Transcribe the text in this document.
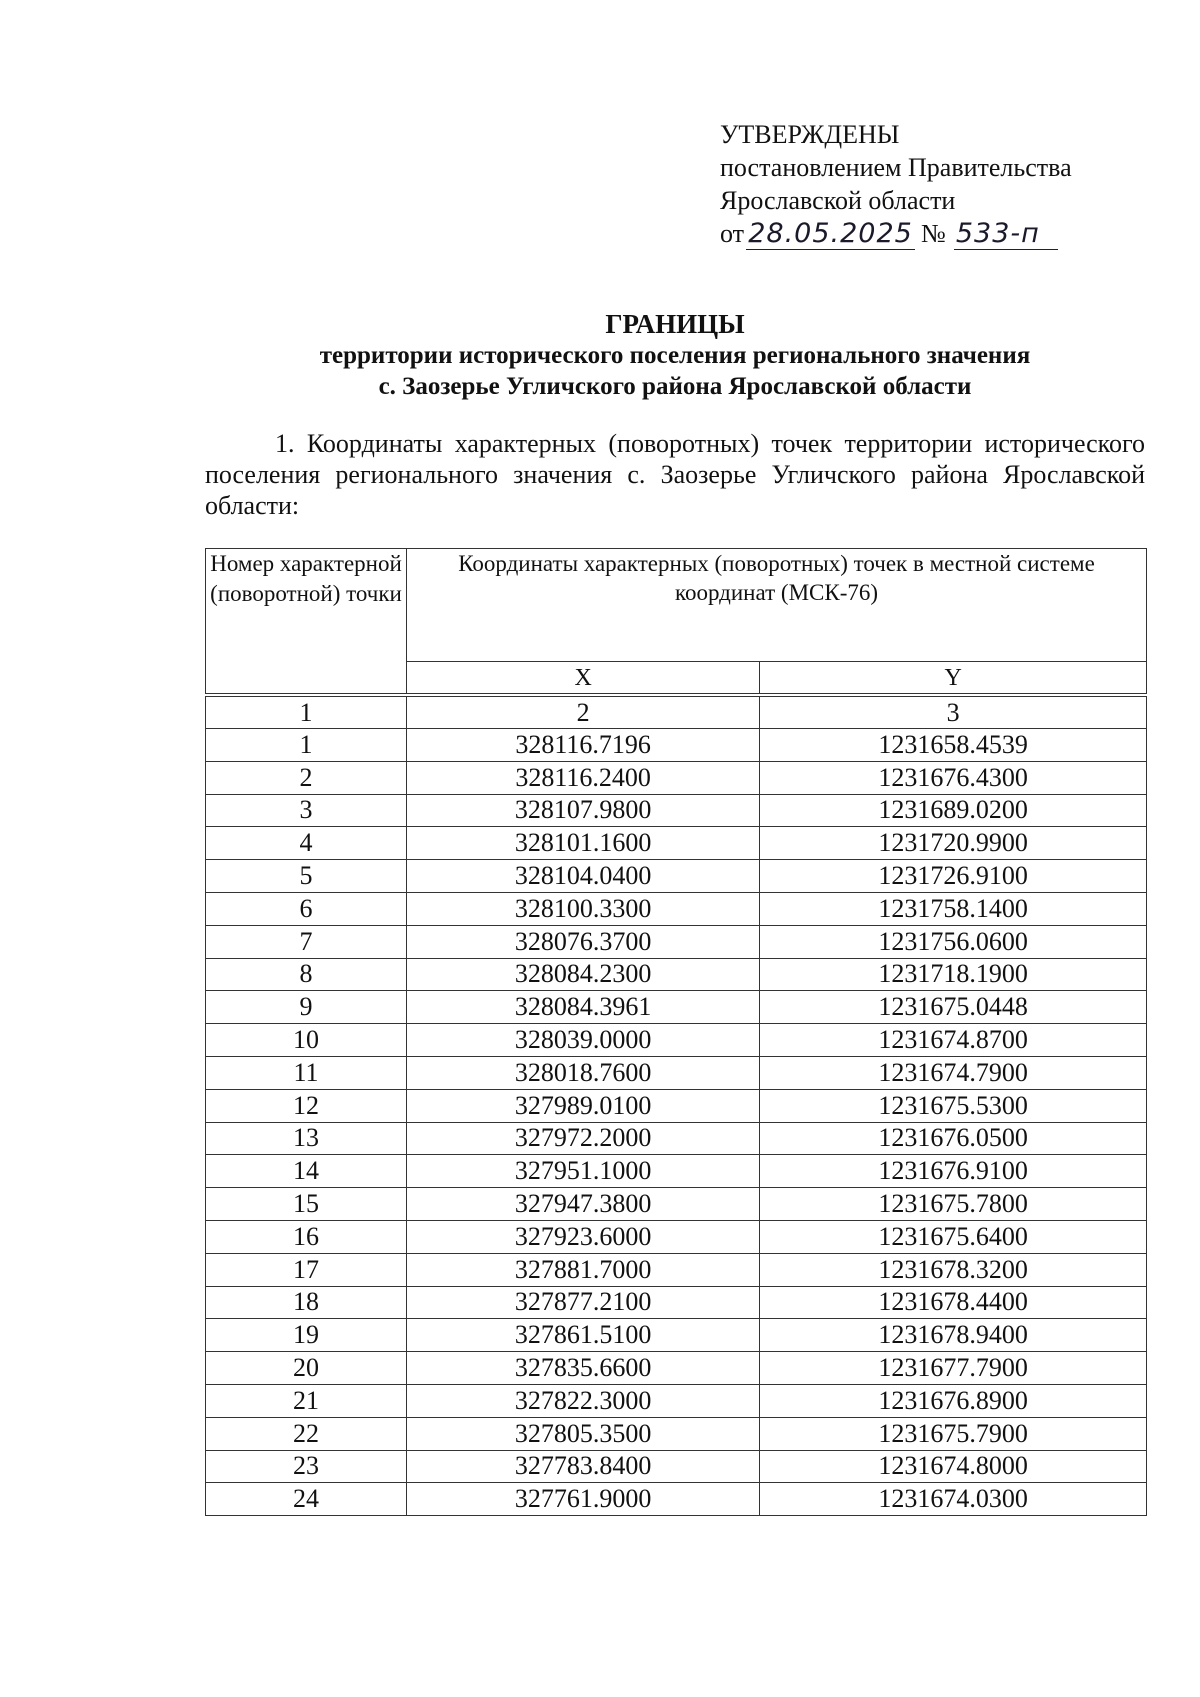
УТВЕРЖДЕНЫ
постановлением Правительства
Ярославской области
от 28.05.2025 № 533-п
ГРАНИЦЫ
территории исторического поселения регионального значения
с. Заозерье Угличского района Ярославской области

1. Координаты характерных (поворотных) точек территории исторического поселения регионального значения с. Заозерье Угличского района Ярославской области:

Номер характерной (поворотной) точки	Координаты характерных (поворотных) точек в местной системе координат (МСК-76)	
	X	Y
1	2	3
1	328116.7196	1231658.4539
2	328116.2400	1231676.4300
3	328107.9800	1231689.0200
4	328101.1600	1231720.9900
5	328104.0400	1231726.9100
6	328100.3300	1231758.1400
7	328076.3700	1231756.0600
8	328084.2300	1231718.1900
9	328084.3961	1231675.0448
10	328039.0000	1231674.8700
11	328018.7600	1231674.7900
12	327989.0100	1231675.5300
13	327972.2000	1231676.0500
14	327951.1000	1231676.9100
15	327947.3800	1231675.7800
16	327923.6000	1231675.6400
17	327881.7000	1231678.3200
18	327877.2100	1231678.4400
19	327861.5100	1231678.9400
20	327835.6600	1231677.7900
21	327822.3000	1231676.8900
22	327805.3500	1231675.7900
23	327783.8400	1231674.8000
24	327761.9000	1231674.0300
